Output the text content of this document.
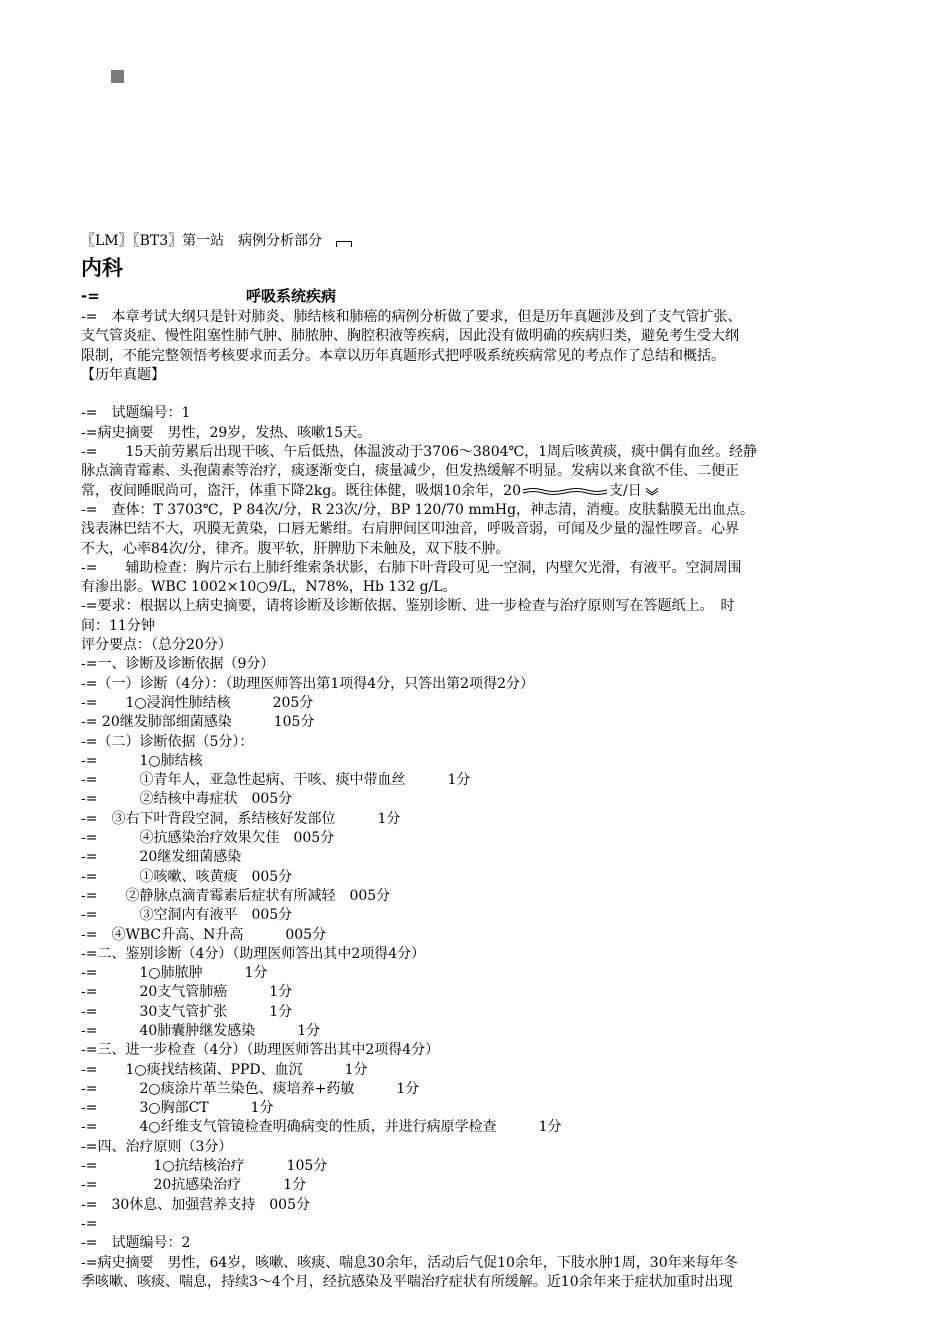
〖LM〗〖BT3〗第一站　病例分析部分
内科
-=	呼吸系统疾病

-=　本章考试大纲只是针对肺炎、肺结核和肺癌的病例分析做了要求，但是历年真题涉及到了支气管扩张、

支气管炎症、慢性阻塞性肺气肿、肺脓肿、胸腔积液等疾病，因此没有做明确的疾病归类，避免考生受大纲

限制，不能完整领悟考核要求而丢分。本章以历年真题形式把呼吸系统疾病常见的考点作了总结和概括。

【历年真题】

-=　试题编号：1

-=病史摘要　男性，29岁，发热、咳嗽15天。

-=　　15天前劳累后出现干咳、午后低热，体温波动于3706～3804℃，1周后咳黄痰，痰中偶有血丝。经静

脉点滴青霉素、头孢菌素等治疗，痰逐渐变白，痰量减少，但发热缓解不明显。发病以来食欲不佳、二便正

常，夜间睡眠尚可，盗汗，体重下降2kg。既往体健，吸烟10余年，20	支/日

-=　查体：T 3703℃，P 84次/分，R 23次/分，BP 120/70 mmHg，神志清，消瘦。皮肤黏膜无出血点。

浅表淋巴结不大，巩膜无黄染，口唇无紫绀。右肩胛间区叩浊音，呼吸音弱，可闻及少量的湿性啰音。心界

不大，心率84次/分，律齐。腹平软，肝脾肋下未触及，双下肢不肿。

-=　　辅助检查：胸片示右上肺纤维索条状影，右肺下叶背段可见一空洞，内壁欠光滑，有液平。空洞周围

有渗出影。WBC 1002×10○9/L，N78%，Hb 132 g/L。

-=要求：根据以上病史摘要，请将诊断及诊断依据、鉴别诊断、进一步检查与治疗原则写在答题纸上。　时

间：11分钟

评分要点：（总分20分）

-=一、诊断及诊断依据（9分）

-=（一）诊断（4分）：（助理医师答出第1项得4分，只答出第2项得2分）

-=　　1○浸润性肺结核　　　205分

-= 20继发肺部细菌感染　　　105分

-=（二）诊断依据（5分）：

-=　　　1○肺结核

-=　　　①青年人，亚急性起病、干咳、痰中带血丝　　　1分

-=　　　②结核中毒症状　005分

-=　③右下叶背段空洞，系结核好发部位　　　1分

-=　　　④抗感染治疗效果欠佳　005分

-=　　　20继发细菌感染

-=　　　①咳嗽、咳黄痰　005分

-=　　②静脉点滴青霉素后症状有所减轻　005分

-=　　　③空洞内有液平　005分

-=　④WBC升高、N升高　　　005分

-=二、鉴别诊断（4分）（助理医师答出其中2项得4分）

-=　　　1○肺脓肿　　　1分

-=　　　20支气管肺癌　　　1分

-=　　　30支气管扩张　　　1分

-=　　　40肺囊肿继发感染　　　1分

-=三、进一步检查（4分）（助理医师答出其中2项得4分）

-=　　1○痰找结核菌、PPD、血沉　　　1分

-=　　　2○痰涂片革兰染色、痰培养+药敏　　　1分

-=　　　3○胸部CT　　　1分

-=　　　4○纤维支气管镜检查明确病变的性质，并进行病原学检查　　　1分

-=四、治疗原则（3分）

-=　　　　1○抗结核治疗　　　105分

-=　　　　20抗感染治疗　　　1分

-=　30休息、加强营养支持　005分

-=

-=　试题编号：2

-=病史摘要　男性，64岁，咳嗽、咳痰、喘息30余年，活动后气促10余年，下肢水肿1周，30年来每年冬

季咳嗽、咳痰、喘息，持续3～4个月，经抗感染及平喘治疗症状有所缓解。近10余年来于症状加重时出现
